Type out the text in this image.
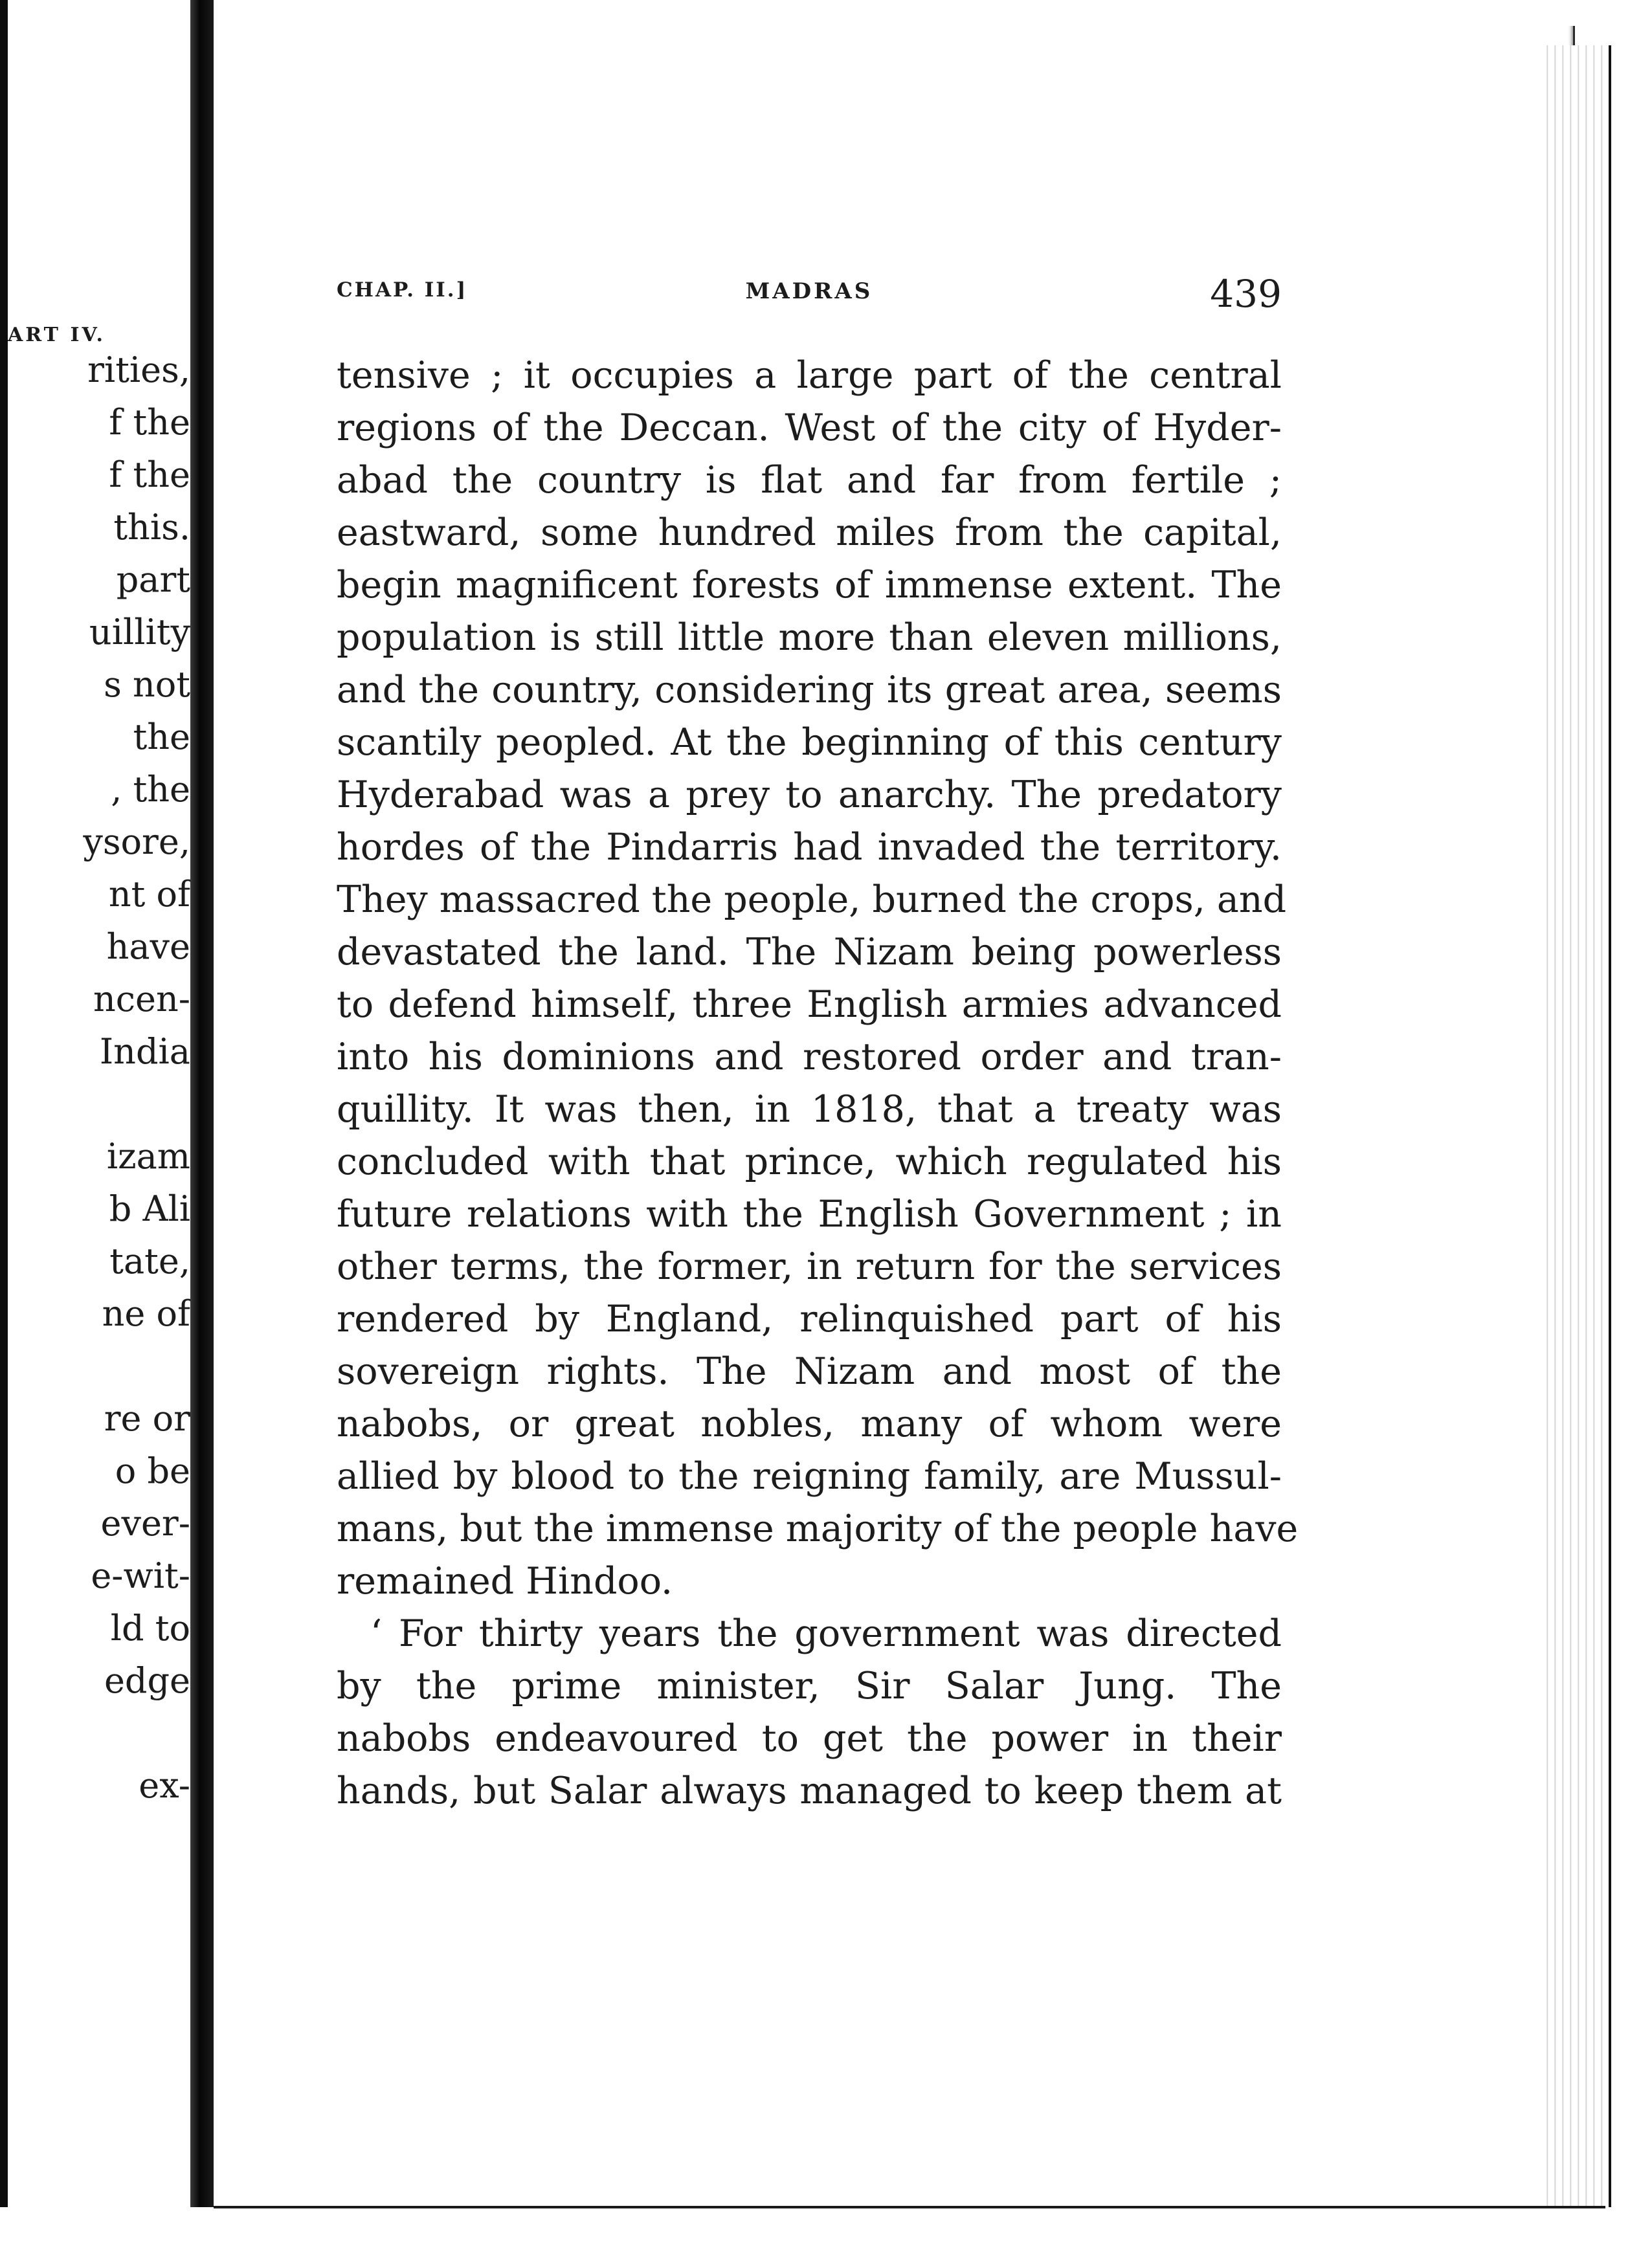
ART IV.
rities,
f the
f the
this.
part
uillity
s not
the
, the
ysore,
nt of
have
ncen-
India
izam
b Ali
tate,
ne of
re or
o be
ever-
e-wit-
ld to
edge
ex-
CHAP. II.]	MADRAS	439
tensive ; it occupies a large part of the central
regions of the Deccan. West of the city of Hyder-
abad the country is flat and far from fertile ;
eastward, some hundred miles from the capital,
begin magnificent forests of immense extent. The
population is still little more than eleven millions,
and the country, considering its great area, seems
scantily peopled. At the beginning of this century
Hyderabad was a prey to anarchy. The predatory
hordes of the Pindarris had invaded the territory.
They massacred the people, burned the crops, and
devastated the land. The Nizam being powerless
to defend himself, three English armies advanced
into his dominions and restored order and tran-
quillity. It was then, in 1818, that a treaty was
concluded with that prince, which regulated his
future relations with the English Government ; in
other terms, the former, in return for the services
rendered by England, relinquished part of his
sovereign rights. The Nizam and most of the
nabobs, or great nobles, many of whom were
allied by blood to the reigning family, are Mussul-
mans, but the immense majority of the people have
remained Hindoo.
‘ For thirty years the government was directed
by the prime minister, Sir Salar Jung. The
nabobs endeavoured to get the power in their
hands, but Salar always managed to keep them at
